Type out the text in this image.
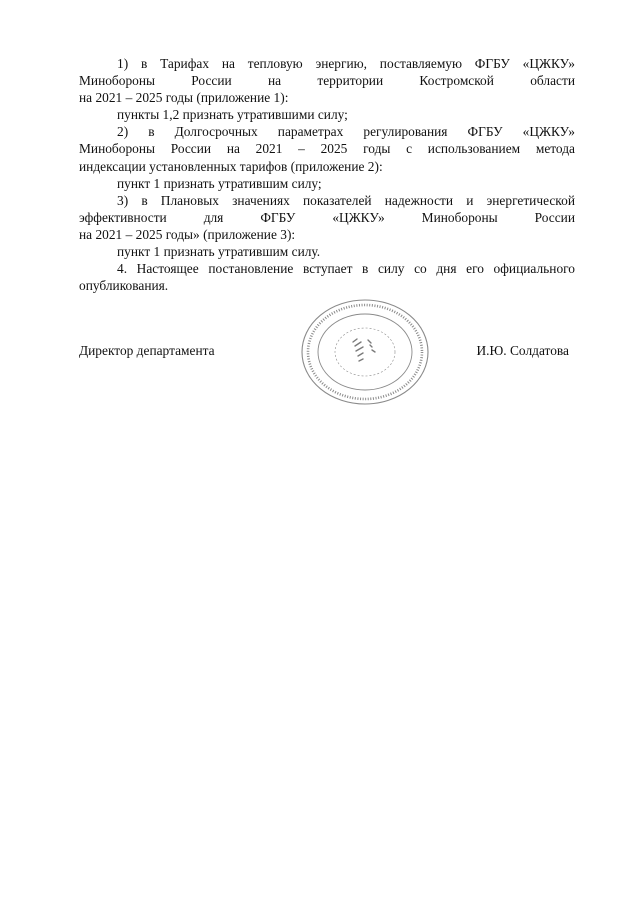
1) в Тарифах на тепловую энергию, поставляемую ФГБУ «ЦЖКУ»
Минобороны России на территории Костромской области
на 2021 – 2025 годы (приложение 1):
пункты 1,2 признать утратившими силу;
2) в Долгосрочных параметрах регулирования ФГБУ «ЦЖКУ»
Минобороны России на 2021 – 2025 годы с использованием метода
индексации установленных тарифов (приложение 2):
пункт 1 признать утратившим силу;
3) в Плановых значениях показателей надежности и энергетической
эффективности для ФГБУ «ЦЖКУ» Минобороны России
на 2021 – 2025 годы» (приложение 3):
пункт 1 признать утратившим силу.
4. Настоящее постановление вступает в силу со дня его официального
опубликования.
Директор департамента	И.Ю. Солдатова
